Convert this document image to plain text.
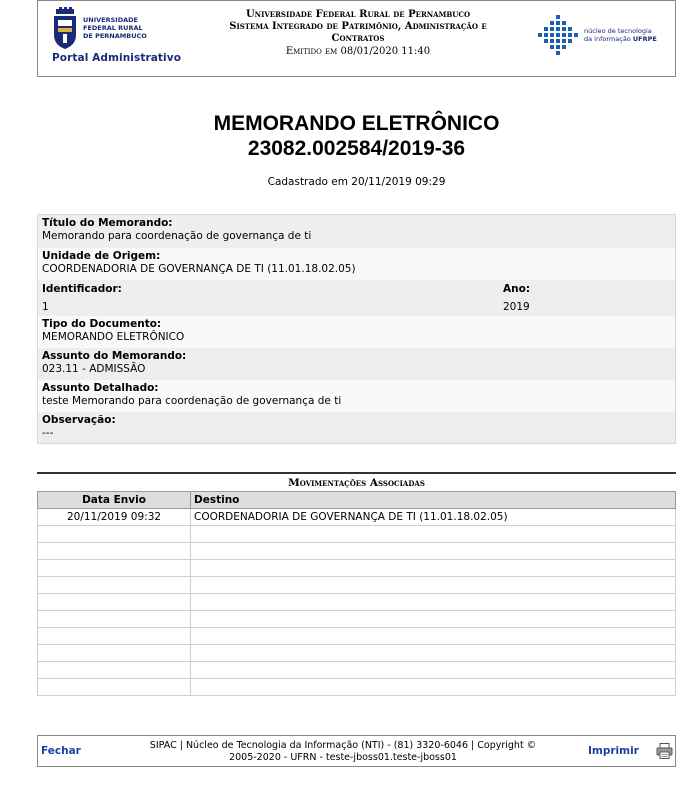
UNIVERSIDADE
FEDERAL RURAL
DE PERNAMBUCO
Portal Administrativo
Universidade Federal Rural de Pernambuco
Sistema Integrado de Patrimônio, Administração e
Contratos
Emitido em 08/01/2020 11:40
núcleo de tecnologia
da informação UFRPE
MEMORANDO ELETRÔNICO
23082.002584/2019-36
Cadastrado em 20/11/2019 09:29
Título do Memorando:
Memorando para coordenação de governança de ti
Unidade de Origem:
COORDENADORIA DE GOVERNANÇA DE TI (11.01.18.02.05)
Identificador:	Ano:
1	2019
Tipo do Documento:
MEMORANDO ELETRÔNICO
Assunto do Memorando:
023.11 - ADMISSÃO
Assunto Detalhado:
teste Memorando para coordenação de governança de ti
Observação:
---
Movimentações Associadas
Data Envio	Destino
20/11/2019 09:32	COORDENADORIA DE GOVERNANÇA DE TI (11.01.18.02.05)

Fechar	SIPAC | Núcleo de Tecnologia da Informação (NTI) - (81) 3320-6046 | Copyright ©
2005-2020 - UFRN - teste-jboss01.teste-jboss01
Imprimir
